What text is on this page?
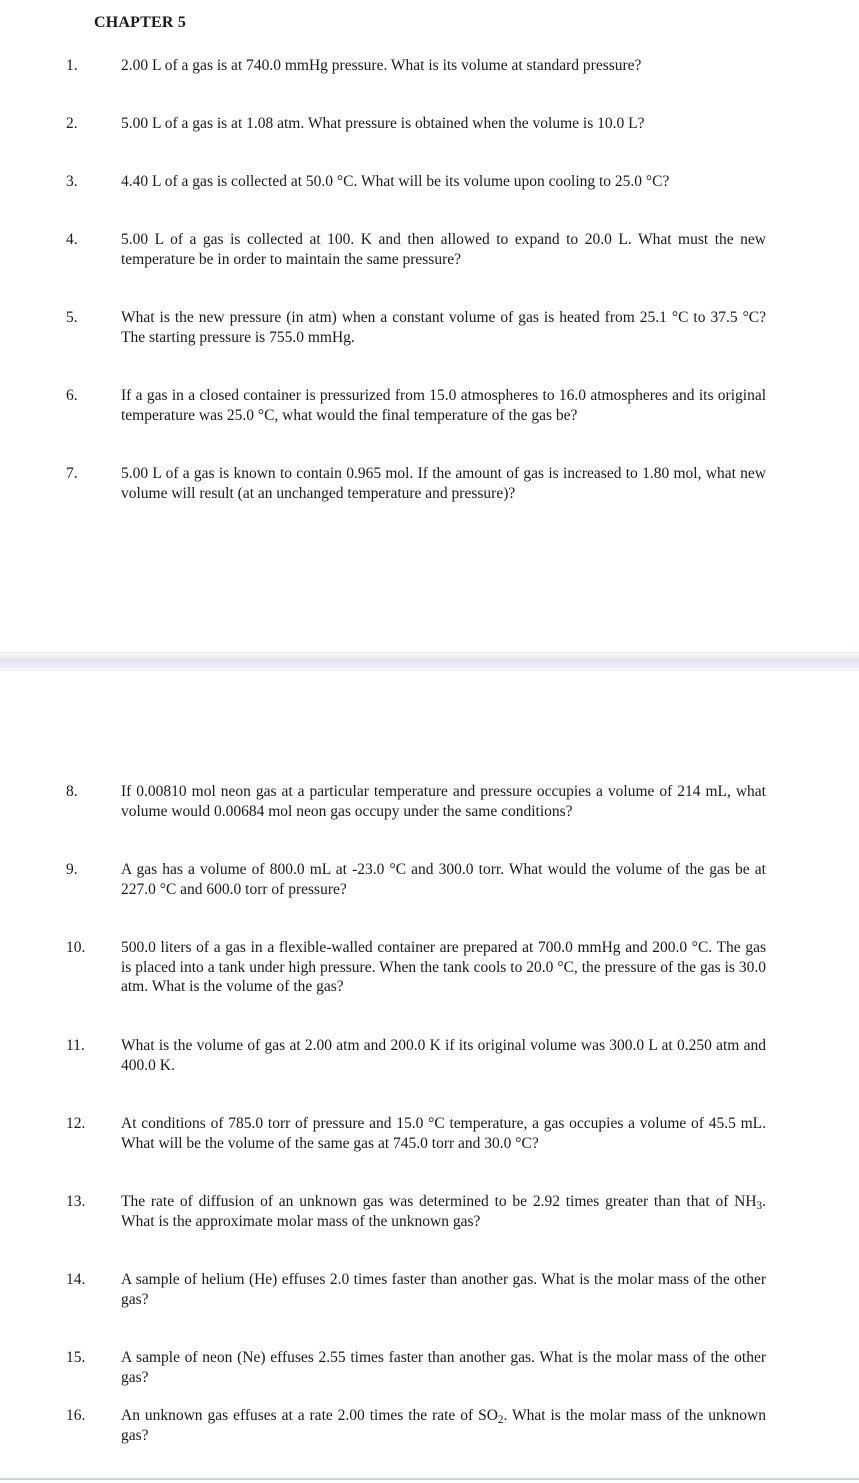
CHAPTER 5
1.	2.00 L of a gas is at 740.0 mmHg pressure. What is its volume at standard pressure?
2.	5.00 L of a gas is at 1.08 atm. What pressure is obtained when the volume is 10.0 L?
3.	4.40 L of a gas is collected at 50.0 °C. What will be its volume upon cooling to 25.0 °C?
4.	5.00 L of a gas is collected at 100. K and then allowed to expand to 20.0 L. What must the new temperature be in order to maintain the same pressure?
5.	What is the new pressure (in atm) when a constant volume of gas is heated from 25.1 °C to 37.5 °C? The starting pressure is 755.0 mmHg.
6.	If a gas in a closed container is pressurized from 15.0 atmospheres to 16.0 atmospheres and its original temperature was 25.0 °C, what would the final temperature of the gas be?
7.	5.00 L of a gas is known to contain 0.965 mol. If the amount of gas is increased to 1.80 mol, what new volume will result (at an unchanged temperature and pressure)?
8.	If 0.00810 mol neon gas at a particular temperature and pressure occupies a volume of 214 mL, what volume would 0.00684 mol neon gas occupy under the same conditions?
9.	A gas has a volume of 800.0 mL at -23.0 °C and 300.0 torr. What would the volume of the gas be at 227.0 °C and 600.0 torr of pressure?
10. 500.0 liters of a gas in a flexible-walled container are prepared at 700.0 mmHg and 200.0 °C. The gas is placed into a tank under high pressure. When the tank cools to 20.0 °C, the pressure of the gas is 30.0 atm. What is the volume of the gas?
11. What is the volume of gas at 2.00 atm and 200.0 K if its original volume was 300.0 L at 0.250 atm and 400.0 K.
12. At conditions of 785.0 torr of pressure and 15.0 °C temperature, a gas occupies a volume of 45.5 mL. What will be the volume of the same gas at 745.0 torr and 30.0 °C?
13. The rate of diffusion of an unknown gas was determined to be 2.92 times greater than that of $NH_3$. What is the approximate molar mass of the unknown gas?
14. A sample of helium (He) effuses 2.0 times faster than another gas. What is the molar mass of the other gas?
15. A sample of neon (Ne) effuses 2.55 times faster than another gas. What is the molar mass of the other gas?
16. An unknown gas effuses at a rate 2.00 times the rate of $SO_2$. What is the molar mass of the unknown gas?
